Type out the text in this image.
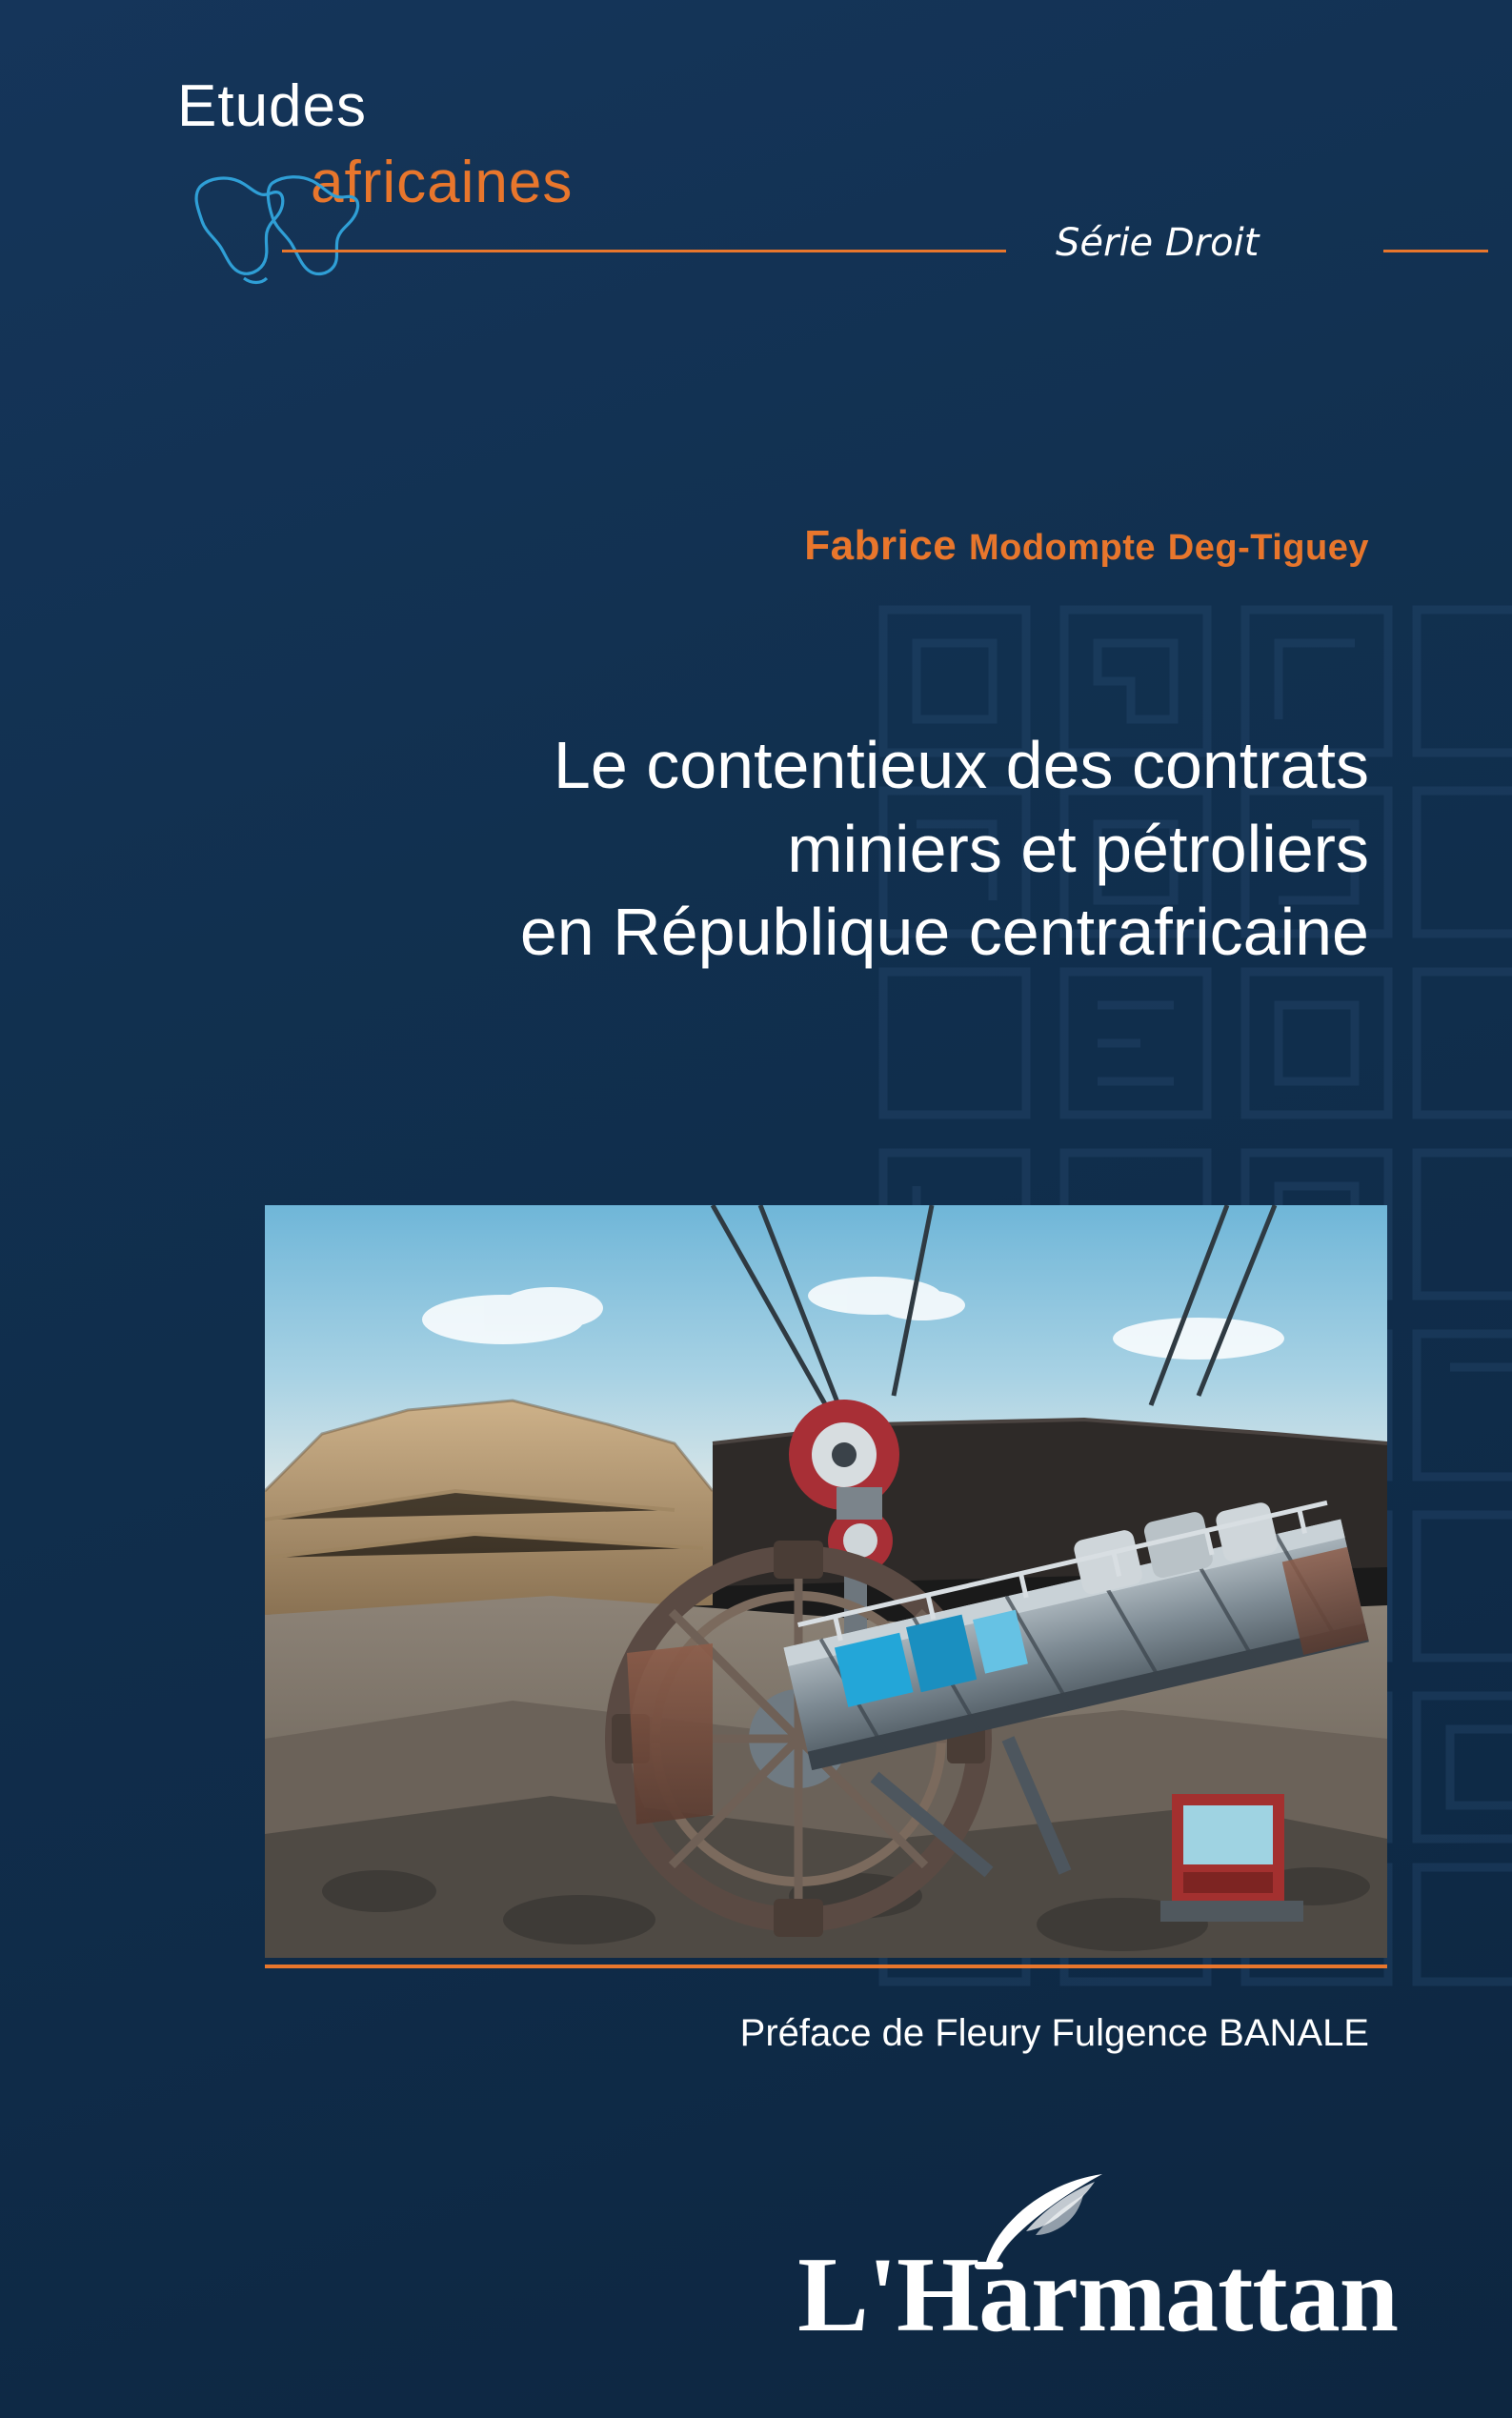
Etudes
africaines
Série Droit
Fabrice Modompte Deg-Tiguey
Le contentieux des contrats
miniers et pétroliers
en République centrafricaine
Préface de Fleury Fulgence BANALE
L'Harmattan
